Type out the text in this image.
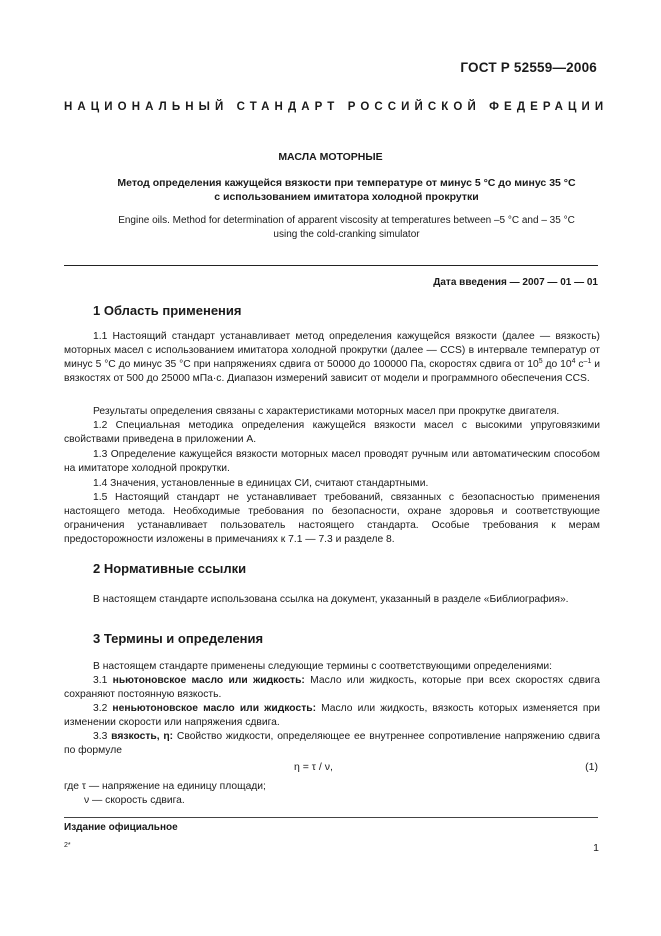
ГОСТ Р 52559—2006
НАЦИОНАЛЬНЫЙ СТАНДАРТ РОССИЙСКОЙ ФЕДЕРАЦИИ
МАСЛА МОТОРНЫЕ
Метод определения кажущейся вязкости при температуре от минус 5 °С до минус 35 °С
с использованием имитатора холодной прокрутки
Engine oils. Method for determination of apparent viscosity at temperatures between –5 °C and – 35 °C
using the cold-cranking simulator
Дата введения — 2007 — 01 — 01
1 Область применения
1.1 Настоящий стандарт устанавливает метод определения кажущейся вязкости (далее — вязкость) моторных масел с использованием имитатора холодной прокрутки (далее — CCS) в интервале температур от минус 5 °С до минус 35 °С при напряжениях сдвига от 50000 до 100000 Па, скоростях сдвига от $10^5$ до $10^4$ $с^{-1}$ и вязкостях от 500 до 25000 мПа·с. Диапазон измерений зависит от модели и программного обеспечения CCS.
Результаты определения связаны с характеристиками моторных масел при прокрутке двигателя.
1.2 Специальная методика определения кажущейся вязкости масел с высокими упруговязкими свойствами приведена в приложении А.
1.3 Определение кажущейся вязкости моторных масел проводят ручным или автоматическим способом на имитаторе холодной прокрутки.
1.4 Значения, установленные в единицах СИ, считают стандартными.
1.5 Настоящий стандарт не устанавливает требований, связанных с безопасностью применения настоящего метода. Необходимые требования по безопасности, охране здоровья и соответствующие ограничения устанавливает пользователь настоящего стандарта. Особые требования к мерам предосторожности изложены в примечаниях к 7.1 — 7.3 и разделе 8.
2 Нормативные ссылки
В настоящем стандарте использована ссылка на документ, указанный в разделе «Библиография».
3 Термины и определения
В настоящем стандарте применены следующие термины с соответствующими определениями:
3.1 ньютоновское масло или жидкость: Масло или жидкость, которые при всех скоростях сдвига сохраняют постоянную вязкость.
3.2 неньютоновское масло или жидкость: Масло или жидкость, вязкость которых изменяется при изменении скорости или напряжения сдвига.
3.3 вязкость, η: Свойство жидкости, определяющее ее внутреннее сопротивление напряжению сдвига по формуле
η = τ / ν,	(1)
где τ — напряжение на единицу площади;
ν — скорость сдвига.
Издание официальное
2*	1
